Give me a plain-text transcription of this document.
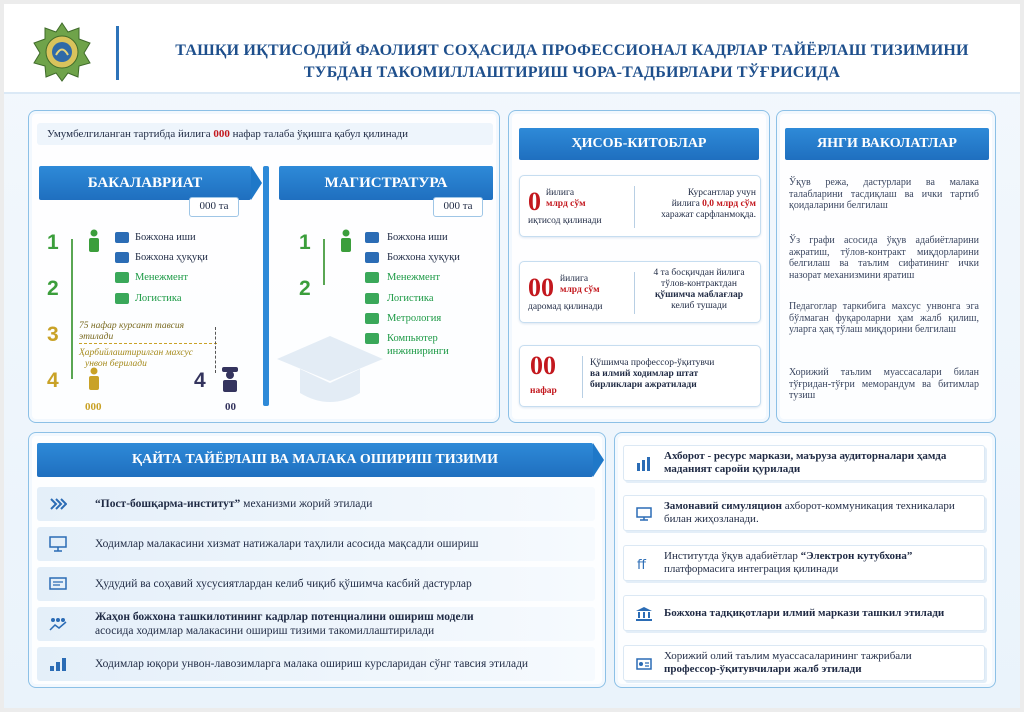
ТАШҚИ ИҚТИСОДИЙ ФАОЛИЯТ СОҲАСИДА ПРОФЕССИОНАЛ КАДРЛАР ТАЙЁРЛАШ ТИЗИМИНИ
ТУБДАН ТАКОМИЛЛАШТИРИШ ЧОРА-ТАДБИРЛАРИ ТЎҒРИСИДА
Умумбелгиланган тартибда йилига 000 нафар талаба ўқишга қабул қилинади
БАКАЛАВРИАТ
000 та
1
2
3
4
000
Божхона иши
Божхона ҳуқуқи
Менежмент
Логистика
75 нафар курсант тавсия этилади
Ҳарбийлаштирилган махсус
унвон берилади
4
00
МАГИСТРАТУРА
000 та
1
2
Божхона иши
Божхона ҳуқуқи
Менежмент
Логистика
Метрология
Компьютер
инжиниринги
ҲИСОБ-КИТОБЛАР
0 йилига
млрд сўм
иқтисод қилинади
Курсантлар учун
йилига 0,0 млрд сўм
харажат сарфланмоқда.
00 йилига
млрд сўм
даромад қилинади
4 та босқичдан йилига
тўлов-контрактдан
қўшимча маблағлар
келиб тушади
00
нафар
Қўшимча профессор-ўқитувчи
ва илмий ходимлар штат
бирликлари ажратилади
ЯНГИ ВАКОЛАТЛАР
Ўқув режа, дастурлари ва малака талабларини тасдиқлаш ва ички тартиб қоидаларини белгилаш
Ўз графи асосида ўқув адабиётларини ажратиш, тўлов-контракт миқдорларини белгилаш ва таълим сифатининг ички назорат механизмини яратиш
Педагоглар таркибига махсус унвонга эга бўлмаган фуқароларни ҳам жалб қилиш, уларга ҳақ тўлаш миқдорини белгилаш
Хорижий таълим муассасалари билан тўғридан-тўғри меморандум ва битимлар тузиш
ҚАЙТА ТАЙЁРЛАШ ВА МАЛАКА ОШИРИШ ТИЗИМИ
“Пост-бошқарма-институт” механизми жорий этилади
Ходимлар малакасини хизмат натижалари таҳлили асосида мақсадли ошириш
Ҳудудий ва соҳавий хусусиятлардан келиб чиқиб қўшимча касбий дастурлар
Жаҳон божхона ташкилотининг кадрлар потенциалини ошириш модели
асосида ходимлар малакасини ошириш тизими такомиллаштирилади
Ходимлар юқори унвон-лавозимларга малака ошириш курсларидан сўнг тавсия этилади
Ахборот - ресурс маркази, маъруза аудиторналари ҳамда
маданият саройи қурилади
Замонавий симуляцион ахборот-коммуникация техникалари
билан жиҳозланади.
ff
Институтда ўқув адабиётлар “Электрон кутубхона”
платформасига интеграция қилинади
Божхона тадқиқотлари илмий маркази ташкил этилади
Хорижий олий таълим муассасаларининг тажрибали
профессор-ўқитувчилари жалб этилади
